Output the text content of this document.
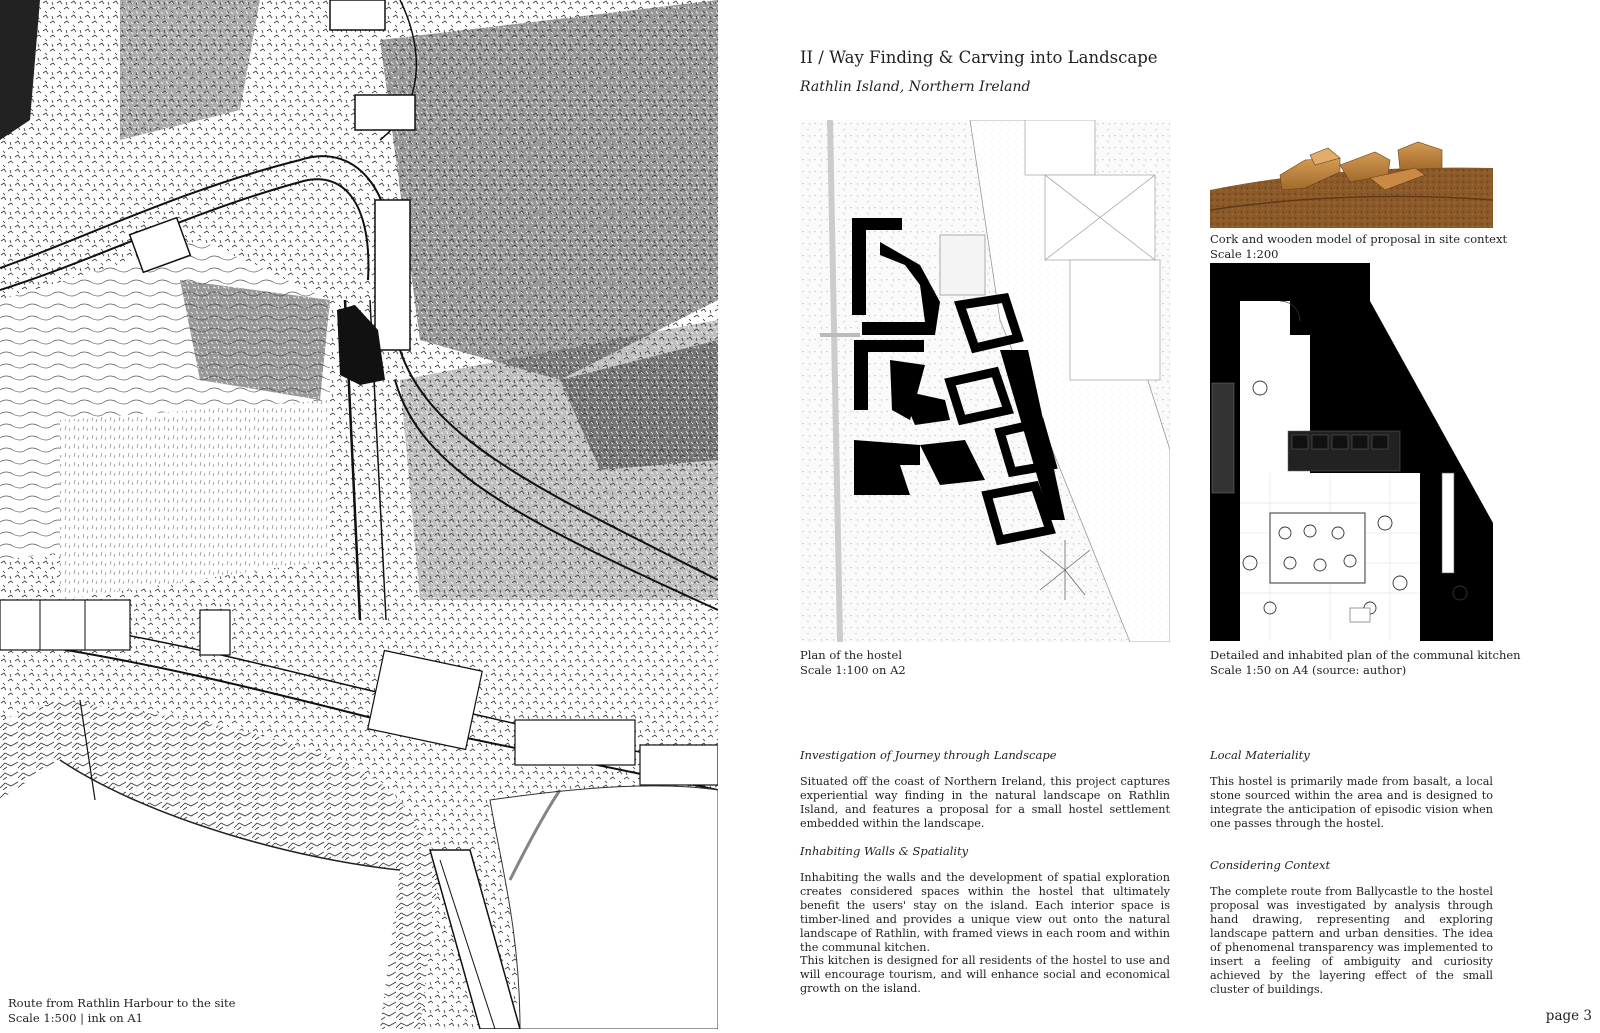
Route from Rathlin Harbour to the site
Scale 1:500 | ink on A1
II / Way Finding & Carving into Landscape
Rathlin Island, Northern Ireland
Plan of the hostel
Scale 1:100 on A2
Cork and wooden model of proposal in site context
Scale 1:200
Detailed and inhabited plan of the communal kitchen
Scale 1:50 on A4 (source: author)
Investigation of Journey through Landscape
Situated off the coast of Northern Ireland, this project captures experiential way finding in the natural landscape on Rathlin Island, and features a proposal for a small hostel settlement embedded within the landscape.
Inhabiting Walls & Spatiality
Inhabiting the walls and the development of spatial exploration creates considered spaces within the hostel that ultimately benefit the users' stay on the island. Each interior space is timber-lined and provides a unique view out onto the natural landscape of Rathlin, with framed views in each room and within the communal kitchen.
This kitchen is designed for all residents of the hostel to use and will encourage tourism, and will enhance social and economical growth on the island.
Local Materiality
This hostel is primarily made from basalt, a local stone sourced within the area and is designed to integrate the anticipation of episodic vision when one passes through the hostel.
Considering Context
The complete route from Ballycastle to the hostel proposal was investigated by analysis through hand drawing, representing and exploring landscape pattern and urban densities. The idea of phenomenal transparency was implemented to insert a feeling of ambiguity and curiosity achieved by the layering effect of the small cluster of buildings.
page 3
